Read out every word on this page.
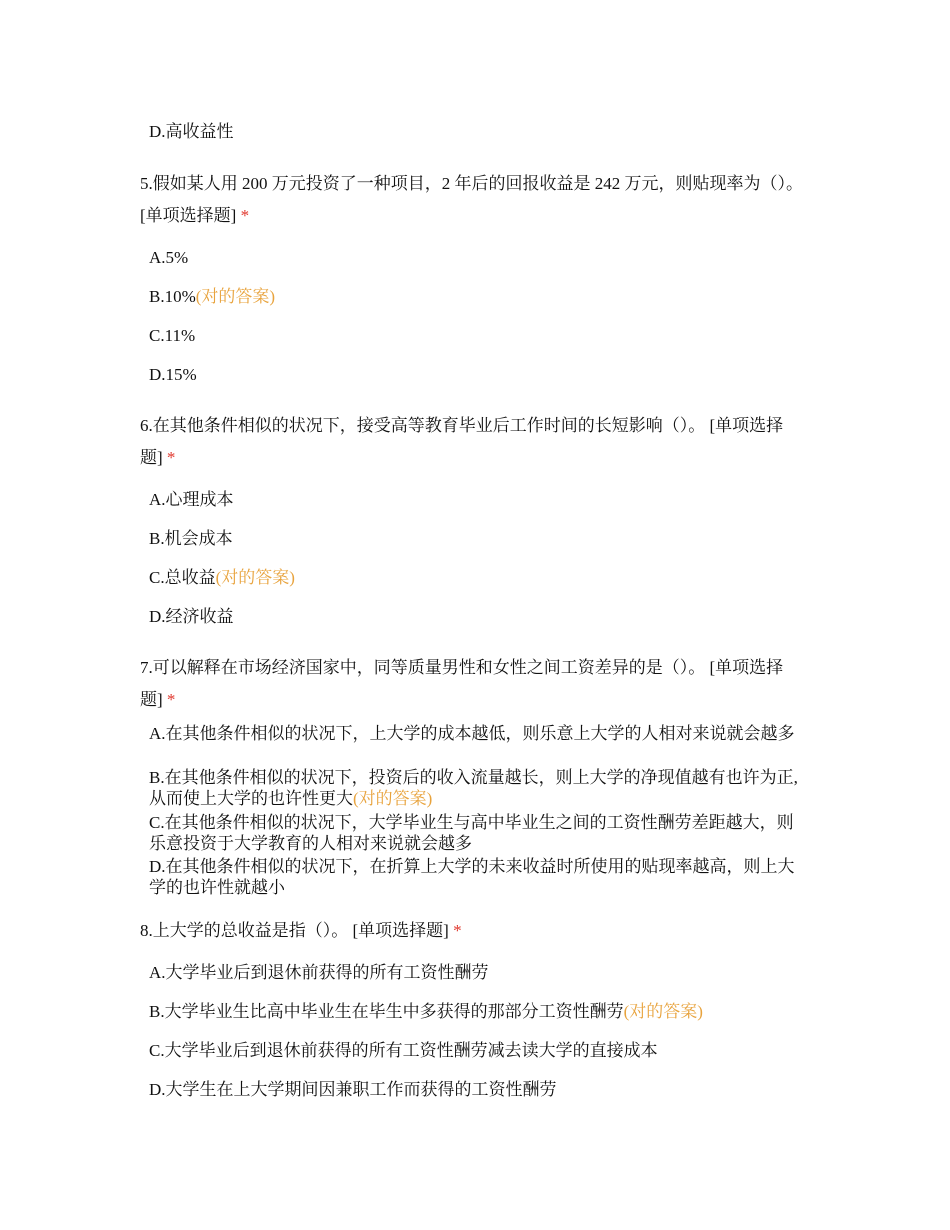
D.高收益性
5.假如某人用 200 万元投资了一种项目，2 年后的回报收益是 242 万元，则贴现率为（）。 [单项选择题] *
A.5%
B.10%(对的答案)
C.11%
D.15%
6.在其他条件相似的状况下，接受高等教育毕业后工作时间的长短影响（）。 [单项选择题] *
A.心理成本
B.机会成本
C.总收益(对的答案)
D.经济收益
7.可以解释在市场经济国家中，同等质量男性和女性之间工资差异的是（）。 [单项选择题] *
A.在其他条件相似的状况下，上大学的成本越低，则乐意上大学的人相对来说就会越多
B.在其他条件相似的状况下，投资后的收入流量越长，则上大学的净现值越有也许为正, 从而使上大学的也许性更大(对的答案)
C.在其他条件相似的状况下，大学毕业生与高中毕业生之间的工资性酬劳差距越大，则乐意投资于大学教育的人相对来说就会越多
D.在其他条件相似的状况下，在折算上大学的未来收益时所使用的贴现率越高，则上大学的也许性就越小
8.上大学的总收益是指（）。 [单项选择题] *
A.大学毕业后到退休前获得的所有工资性酬劳
B.大学毕业生比高中毕业生在毕生中多获得的那部分工资性酬劳(对的答案)
C.大学毕业后到退休前获得的所有工资性酬劳减去读大学的直接成本
D.大学生在上大学期间因兼职工作而获得的工资性酬劳
